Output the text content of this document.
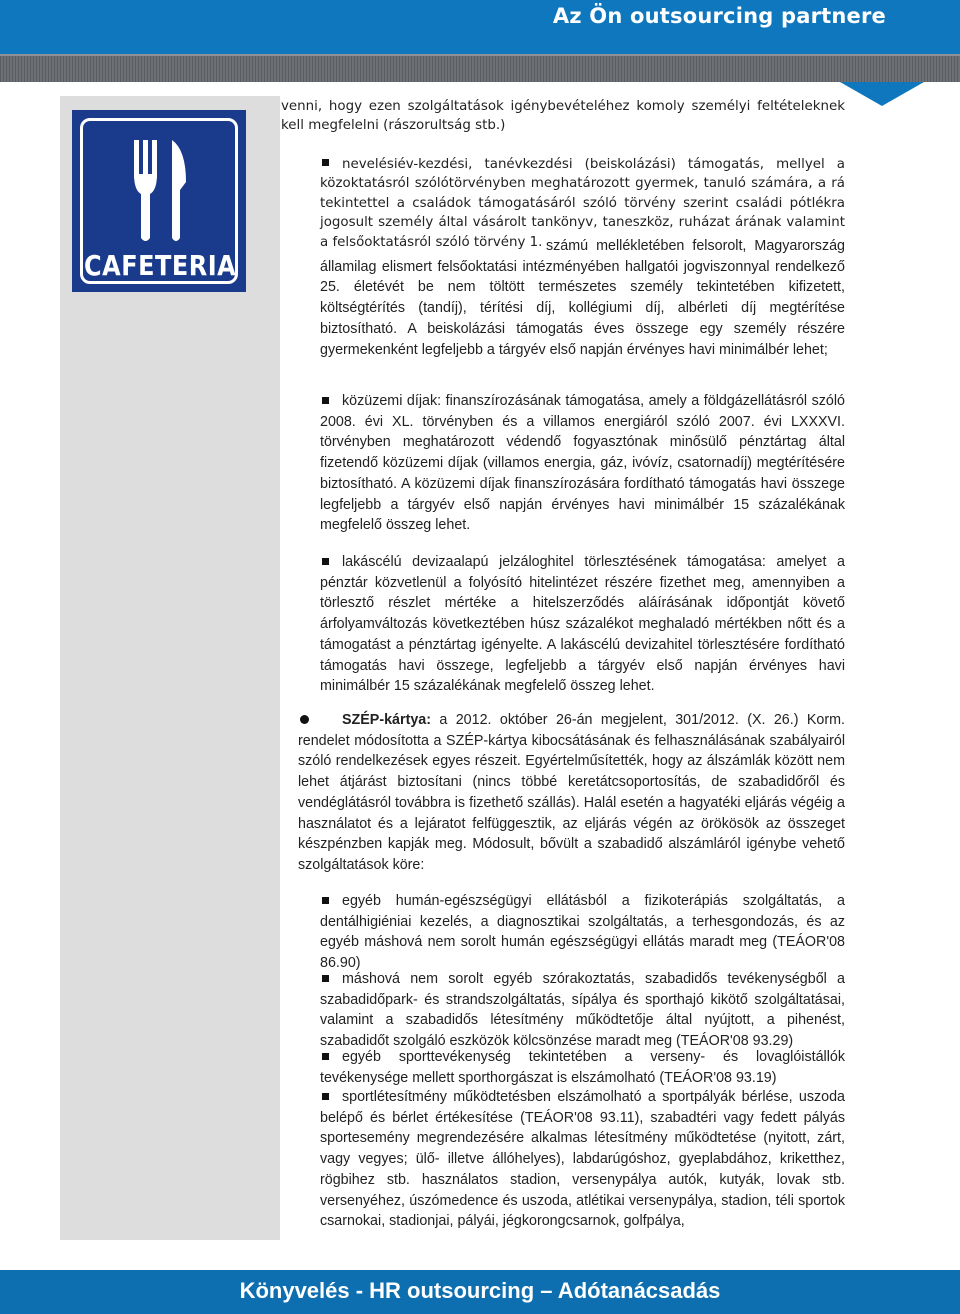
Az Ön outsourcing partnere
CAFETERIA
venni, hogy ezen szolgáltatások igénybevételéhez komoly személyi feltételeknek kell megfelelni (rászorultság stb.)
nevelésiév-kezdési, tanévkezdési (beiskolázási) támogatás, mellyel a közoktatásról szólótörvényben meghatározott gyermek, tanuló számára, a rá tekintettel a családok támogatásáról szóló törvény szerint családi pótlékra jogosult személy által vásárolt tankönyv, taneszköz, ruházat árának valamint a felsőoktatásról szóló törvény 1. számú mellékletében felsorolt, Magyarország államilag elismert felsőoktatási intézményében hallgatói jogviszonnyal rendelkező 25. életévét be nem töltött természetes személy tekintetében kifizetett, költségtérítés (tandíj), térítési díj, kollégiumi díj, albérleti díj megtérítése biztosítható. A beiskolázási támogatás éves összege egy személy részére gyermekenként legfeljebb a tárgyév első napján érvényes havi minimálbér lehet;
közüzemi díjak: finanszírozásának támogatása, amely a földgázellátásról szóló 2008. évi XL. törvényben és a villamos energiáról szóló 2007. évi LXXXVI. törvényben meghatározott védendő fogyasztónak minősülő pénztártag által fizetendő közüzemi díjak (villamos energia, gáz, ivóvíz, csatornadíj) megtérítésére biztosítható. A közüzemi díjak finanszírozására fordítható támogatás havi összege legfeljebb a tárgyév első napján érvényes havi minimálbér 15 százalékának megfelelő összeg lehet.
lakáscélú devizaalapú jelzáloghitel törlesztésének támogatása: amelyet a pénztár közvetlenül a folyósító hitelintézet részére fizethet meg, amennyiben a törlesztő részlet mértéke a hitelszerződés aláírásának időpontját követő árfolyamváltozás következtében húsz százalékot meghaladó mértékben nőtt és a támogatást a pénztártag igényelte. A lakáscélú devizahitel törlesztésére fordítható támogatás havi összege, legfeljebb a tárgyév első napján érvényes havi minimálbér 15 százalékának megfelelő összeg lehet.
SZÉP-kártya: a 2012. október 26-án megjelent, 301/2012. (X. 26.) Korm. rendelet módosította a SZÉP-kártya kibocsátásának és felhasználásának szabályairól szóló rendelkezések egyes részeit. Egyértelműsítették, hogy az álszámlák között nem lehet átjárást biztosítani (nincs többé keretátcsoportosítás, de szabadidőről és vendéglátásról továbbra is fizethető szállás). Halál esetén a hagyatéki eljárás végéig a használatot és a lejáratot felfüggesztik, az eljárás végén az örökösök az összeget készpénzben kapják meg. Módosult, bővült a szabadidő alszámláról igénybe vehető szolgáltatások köre:
egyéb humán-egészségügyi ellátásból a fizikoterápiás szolgáltatás, a dentálhigiéniai kezelés, a diagnosztikai szolgáltatás, a terhesgondozás, és az egyéb máshová nem sorolt humán egészségügyi ellátás maradt meg (TEÁOR'08 86.90)
máshová nem sorolt egyéb szórakoztatás, szabadidős tevékenységből a szabadidőpark- és strandszolgáltatás, sípálya és sporthajó kikötő szolgáltatásai, valamint a szabadidős létesítmény működtetője által nyújtott, a pihenést, szabadidőt szolgáló eszközök kölcsönzése maradt meg (TEÁOR'08 93.29)
egyéb sporttevékenység tekintetében a verseny- és lovaglóistállók tevékenysége mellett sporthorgászat is elszámolható (TEÁOR'08 93.19)
sportlétesítmény működtetésben elszámolható a sportpályák bérlése, uszoda belépő és bérlet értékesítése (TEÁOR'08 93.11), szabadtéri vagy fedett pályás sportesemény megrendezésére alkalmas létesítmény működtetése (nyitott, zárt, vagy vegyes; ülő- illetve állóhelyes), labdarúgóshoz, gyeplabdához, kriketthez, rögbihez stb. használatos stadion, versenypálya autók, kutyák, lovak stb. versenyéhez, úszómedence és uszoda, atlétikai versenypálya, stadion, téli sportok csarnokai, stadionjai, pályái, jégkorongcsarnok, golfpálya,
Könyvelés - HR outsourcing – Adótanácsadás
